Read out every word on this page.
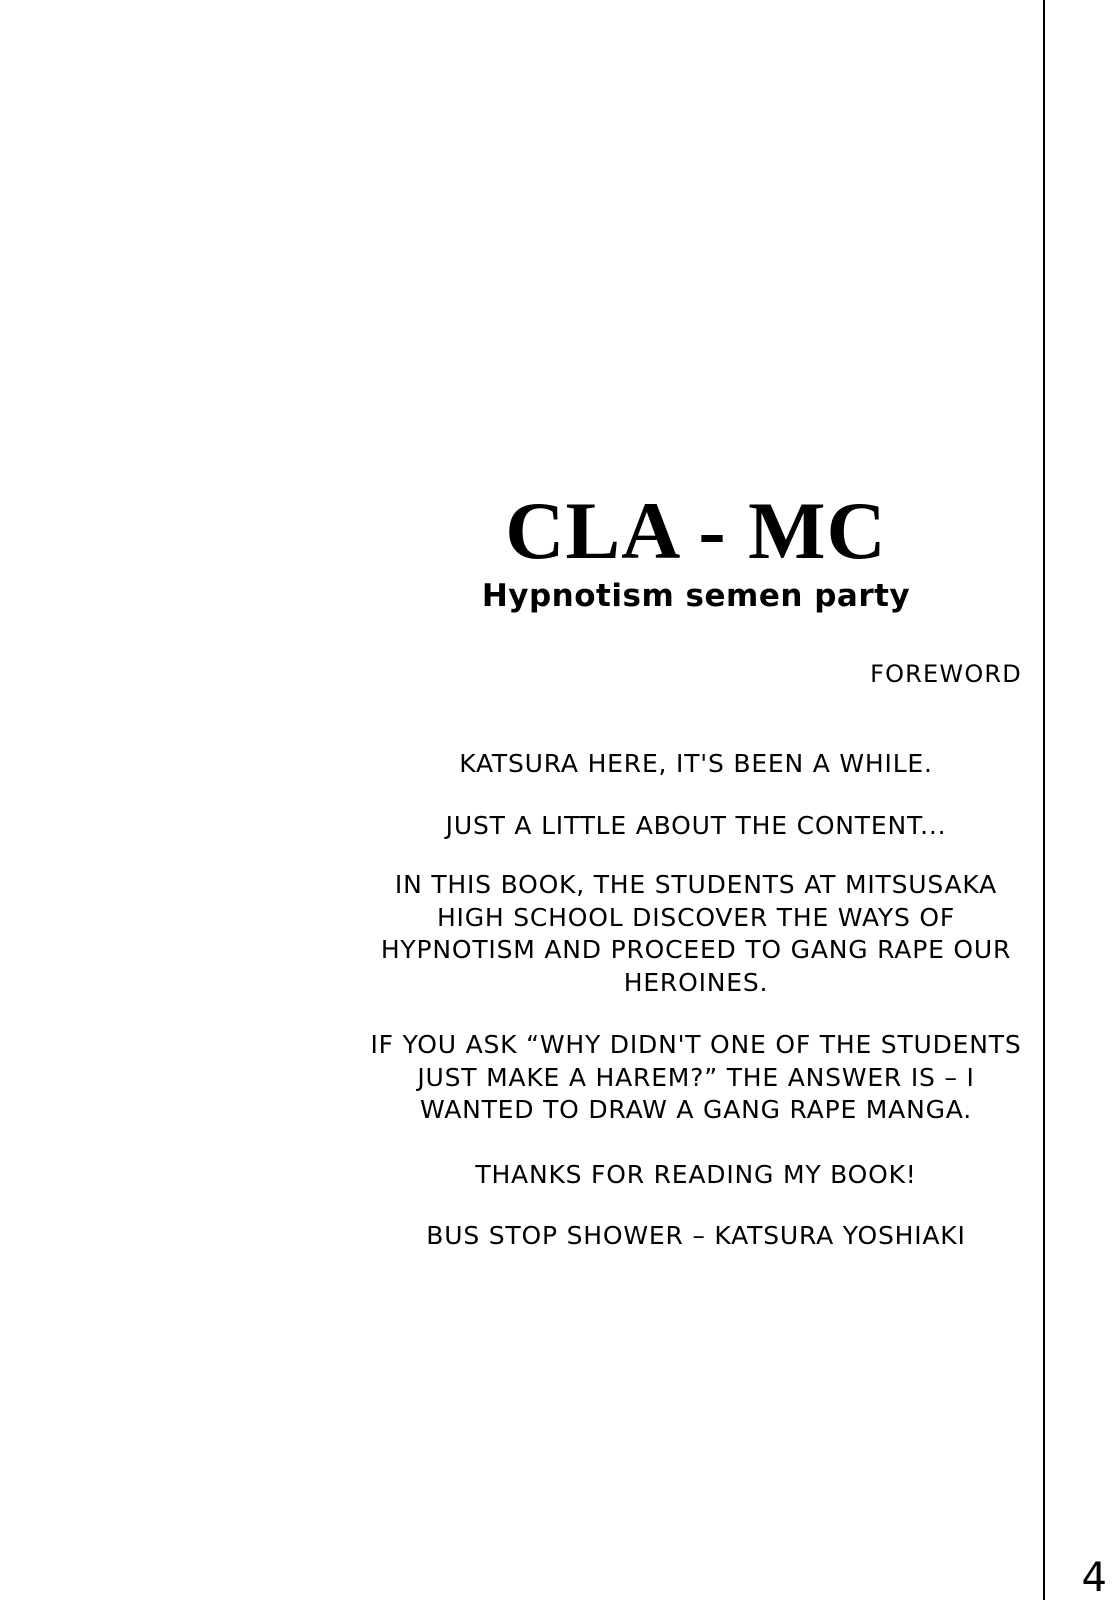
CLA - MC
Hypnotism semen party
FOREWORD

KATSURA HERE, IT'S BEEN A WHILE.

JUST A LITTLE ABOUT THE CONTENT...

IN THIS BOOK, THE STUDENTS AT MITSUSAKA HIGH SCHOOL DISCOVER THE WAYS OF HYPNOTISM AND PROCEED TO GANG RAPE OUR HEROINES.

IF YOU ASK “WHY DIDN'T ONE OF THE STUDENTS JUST MAKE A HAREM?” THE ANSWER IS – I WANTED TO DRAW A GANG RAPE MANGA.

THANKS FOR READING MY BOOK!

BUS STOP SHOWER – KATSURA YOSHIAKI

4
